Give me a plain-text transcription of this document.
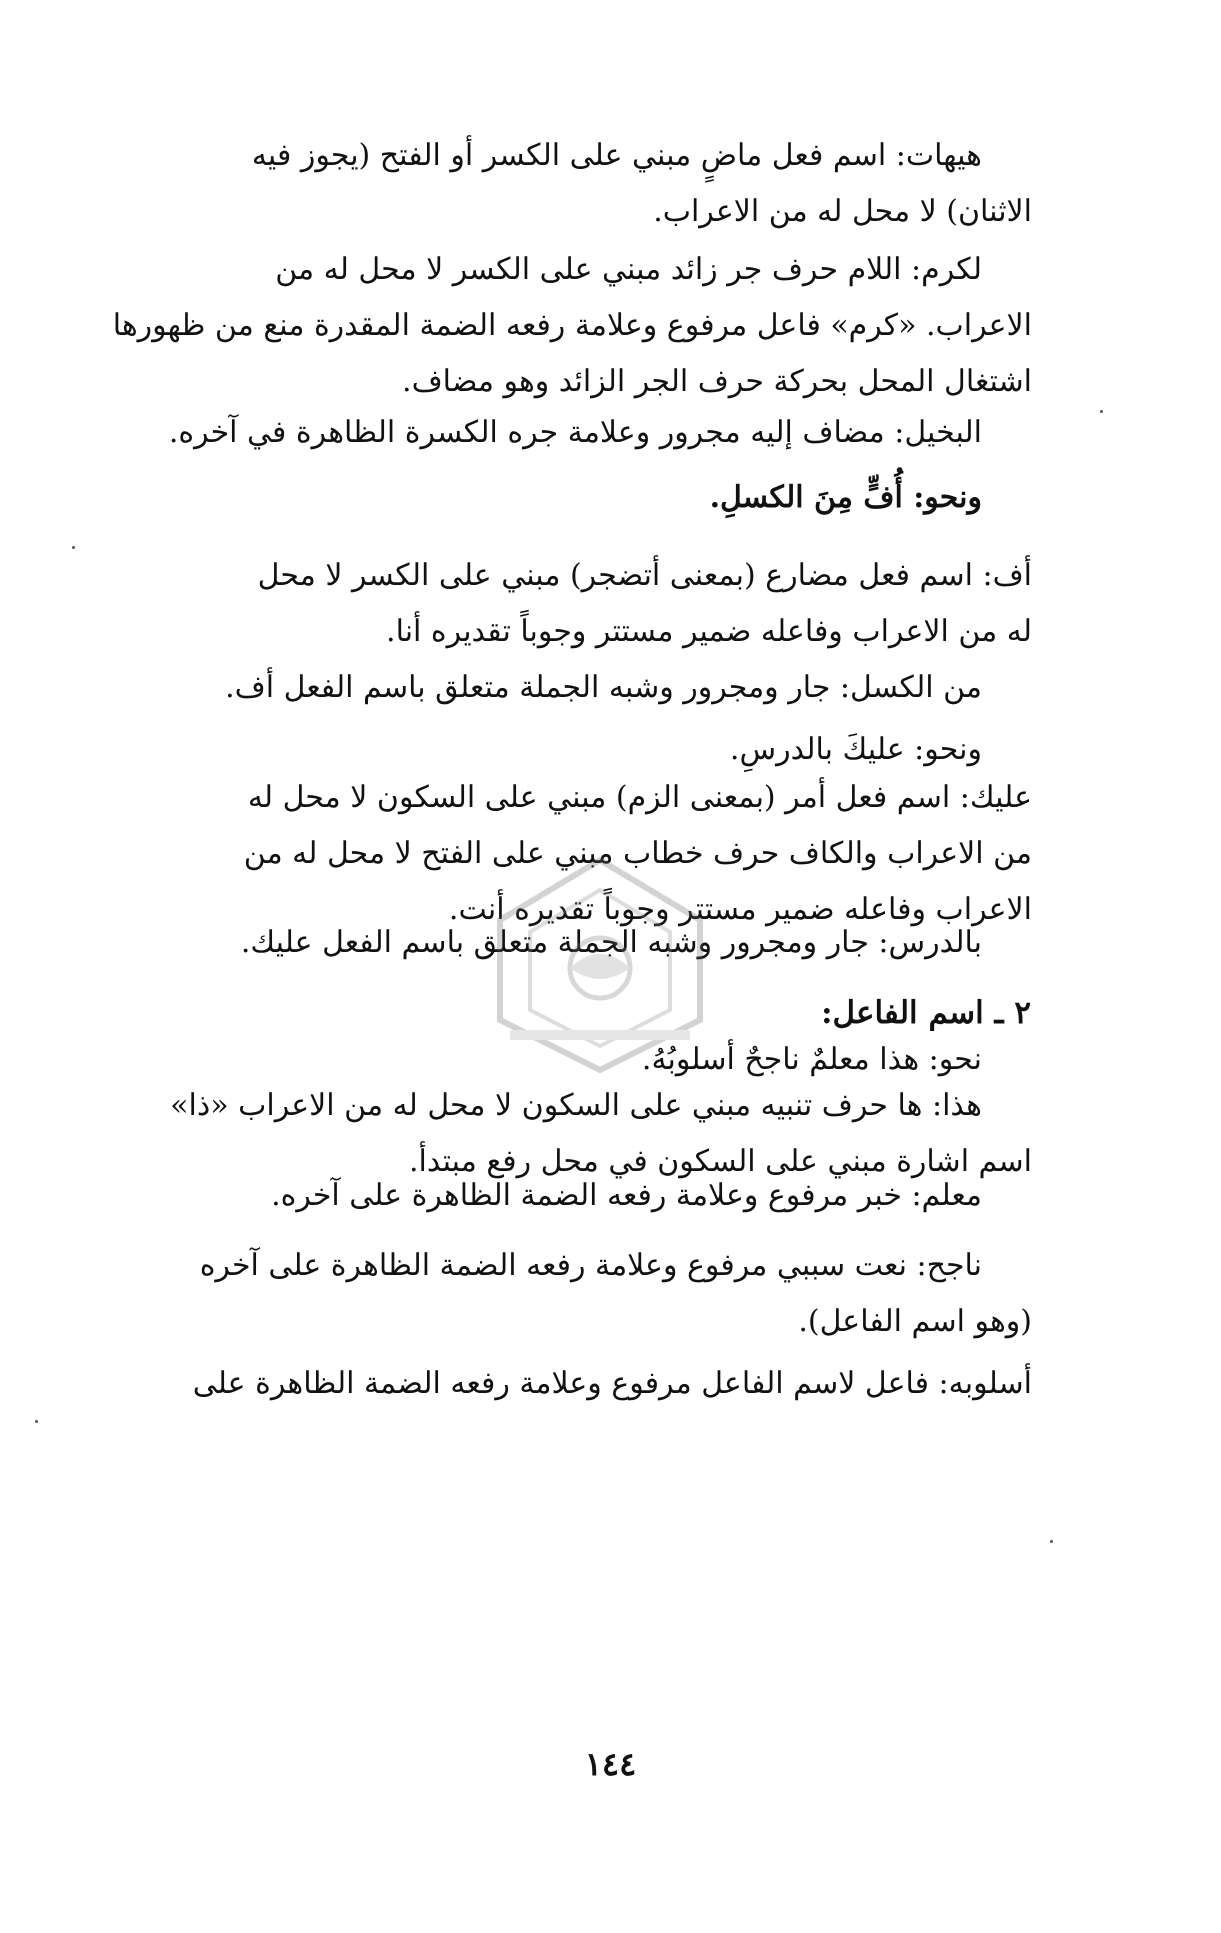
هيهات: اسم فعل ماضٍ مبني على الكسر أو الفتح (يجوز فيه
الاثنان) لا محل له من الاعراب.
لكرم: اللام حرف جر زائد مبني على الكسر لا محل له من
الاعراب. «كرم» فاعل مرفوع وعلامة رفعه الضمة المقدرة منع من ظهورها
اشتغال المحل بحركة حرف الجر الزائد وهو مضاف.
البخيل: مضاف إليه مجرور وعلامة جره الكسرة الظاهرة في آخره.
ونحو: أُفٍّ مِنَ الكسلِ.
أف: اسم فعل مضارع (بمعنى أتضجر) مبني على الكسر لا محل
له من الاعراب وفاعله ضمير مستتر وجوباً تقديره أنا.
من الكسل: جار ومجرور وشبه الجملة متعلق باسم الفعل أف.
ونحو: عليكَ بالدرسِ.
عليك: اسم فعل أمر (بمعنى الزم) مبني على السكون لا محل له
من الاعراب والكاف حرف خطاب مبني على الفتح لا محل له من
الاعراب وفاعله ضمير مستتر وجوباً تقديره أنت.
بالدرس: جار ومجرور وشبه الجملة متعلق باسم الفعل عليك.
٢ ـ اسم الفاعل:
نحو: هذا معلمٌ ناجحٌ أسلوبُهُ.
هذا: ها حرف تنبيه مبني على السكون لا محل له من الاعراب «ذا»
اسم اشارة مبني على السكون في محل رفع مبتدأ.
معلم: خبر مرفوع وعلامة رفعه الضمة الظاهرة على آخره.
ناجح: نعت سببي مرفوع وعلامة رفعه الضمة الظاهرة على آخره
(وهو اسم الفاعل).
أسلوبه: فاعل لاسم الفاعل مرفوع وعلامة رفعه الضمة الظاهرة على
١٤٤
